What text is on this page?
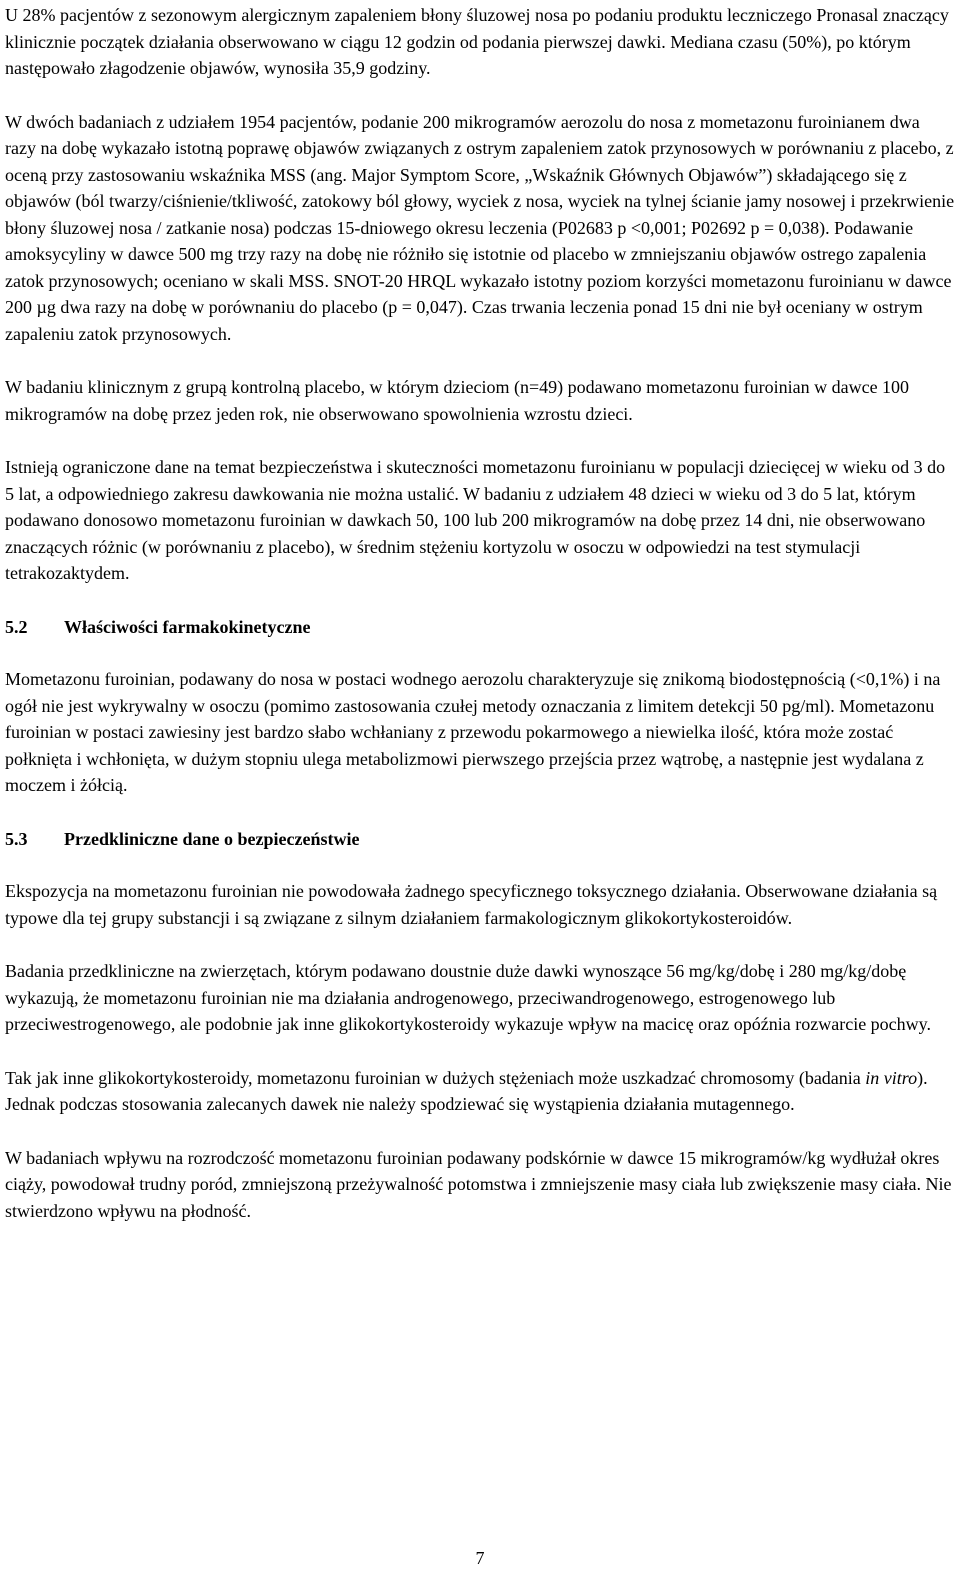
U 28% pacjentów z sezonowym alergicznym zapaleniem błony śluzowej nosa po podaniu produktu leczniczego Pronasal znaczący klinicznie początek działania obserwowano w ciągu 12 godzin od podania pierwszej dawki. Mediana czasu (50%), po którym następowało złagodzenie objawów, wynosiła 35,9 godziny.

W dwóch badaniach z udziałem 1954 pacjentów, podanie 200 mikrogramów aerozolu do nosa z mometazonu furoinianem dwa razy na dobę wykazało istotną poprawę objawów związanych z ostrym zapaleniem zatok przynosowych w porównaniu z placebo, z oceną przy zastosowaniu wskaźnika MSS (ang. Major Symptom Score, „Wskaźnik Głównych Objawów”) składającego się z objawów (ból twarzy/ciśnienie/tkliwość, zatokowy ból głowy, wyciek z nosa, wyciek na tylnej ścianie jamy nosowej i przekrwienie błony śluzowej nosa / zatkanie nosa) podczas 15-dniowego okresu leczenia (P02683 p <0,001; P02692 p = 0,038). Podawanie amoksycyliny w dawce 500 mg trzy razy na dobę nie różniło się istotnie od placebo w zmniejszaniu objawów ostrego zapalenia zatok przynosowych; oceniano w skali MSS. SNOT-20 HRQL wykazało istotny poziom korzyści mometazonu furoinianu w dawce 200 µg dwa razy na dobę w porównaniu do placebo (p = 0,047). Czas trwania leczenia ponad 15 dni nie był oceniany w ostrym zapaleniu zatok przynosowych.

W badaniu klinicznym z grupą kontrolną placebo, w którym dzieciom (n=49) podawano mometazonu furoinian w dawce 100 mikrogramów na dobę przez jeden rok, nie obserwowano spowolnienia wzrostu dzieci.

Istnieją ograniczone dane na temat bezpieczeństwa i skuteczności mometazonu furoinianu w populacji dziecięcej w wieku od 3 do 5 lat, a odpowiedniego zakresu dawkowania nie można ustalić. W badaniu z udziałem 48 dzieci w wieku od 3 do 5 lat, którym podawano donosowo mometazonu furoinian w dawkach 50, 100 lub 200 mikrogramów na dobę przez 14 dni, nie obserwowano znaczących różnic (w porównaniu z placebo), w średnim stężeniu kortyzolu w osoczu w odpowiedzi na test stymulacji tetrakozaktydem.

5.2 Właściwości farmakokinetyczne

Mometazonu furoinian, podawany do nosa w postaci wodnego aerozolu charakteryzuje się znikomą biodostępnością (<0,1%) i na ogół nie jest wykrywalny w osoczu (pomimo zastosowania czułej metody oznaczania z limitem detekcji 50 pg/ml). Mometazonu furoinian w postaci zawiesiny jest bardzo słabo wchłaniany z przewodu pokarmowego a niewielka ilość, która może zostać połknięta i wchłonięta, w dużym stopniu ulega metabolizmowi pierwszego przejścia przez wątrobę, a następnie jest wydalana z moczem i żółcią.

5.3 Przedkliniczne dane o bezpieczeństwie

Ekspozycja na mometazonu furoinian nie powodowała żadnego specyficznego toksycznego działania. Obserwowane działania są typowe dla tej grupy substancji i są związane z silnym działaniem farmakologicznym glikokortykosteroidów.

Badania przedkliniczne na zwierzętach, którym podawano doustnie duże dawki wynoszące 56 mg/kg/dobę i 280 mg/kg/dobę wykazują, że mometazonu furoinian nie ma działania androgenowego, przeciwandrogenowego, estrogenowego lub przeciwestrogenowego, ale podobnie jak inne glikokortykosteroidy wykazuje wpływ na macicę oraz opóźnia rozwarcie pochwy.

Tak jak inne glikokortykosteroidy, mometazonu furoinian w dużych stężeniach może uszkadzać chromosomy (badania in vitro). Jednak podczas stosowania zalecanych dawek nie należy spodziewać się wystąpienia działania mutagennego.

W badaniach wpływu na rozrodczość mometazonu furoinian podawany podskórnie w dawce 15 mikrogramów/kg wydłużał okres ciąży, powodował trudny poród, zmniejszoną przeżywalność potomstwa i zmniejszenie masy ciała lub zwiększenie masy ciała. Nie stwierdzono wpływu na płodność.

7
